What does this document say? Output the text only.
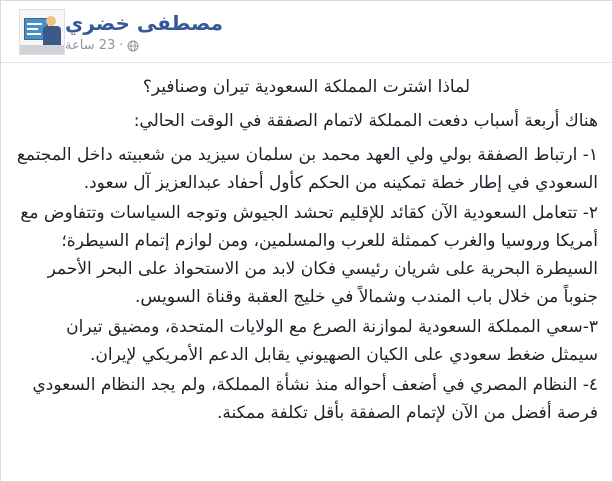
مصطفى خضري
23 ساعة ·

لماذا اشترت المملكة السعودية تيران وصنافير؟

هناك أربعة أسباب دفعت المملكة لاتمام الصفقة في الوقت الحالي:

١- ارتباط الصفقة بولي ولي العهد محمد بن سلمان سيزيد من شعبيته داخل المجتمع السعودي في إطار خطة تمكينه من الحكم كأول أحفاد عبدالعزيز آل سعود.

٢- تتعامل السعودية الآن كقائد للإقليم تحشد الجيوش وتوجه السياسات وتتفاوض مع أمريكا وروسيا والغرب كممثلة للعرب والمسلمين، ومن لوازم إتمام السيطرة؛ السيطرة البحرية على شريان رئيسي فكان لابد من الاستحواذ على البحر الأحمر جنوباً من خلال باب المندب وشمالاً في خليج العقبة وقناة السويس.

٣-سعي المملكة السعودية لموازنة الصرع مع الولايات المتحدة، ومضيق تيران سيمثل ضغط سعودي على الكيان الصهيوني يقابل الدعم الأمريكي لإيران.

٤- النظام المصري في أضعف أحواله منذ نشأة المملكة، ولم يجد النظام السعودي فرصة أفضل من الآن لإتمام الصفقة بأقل تكلفة ممكنة.
